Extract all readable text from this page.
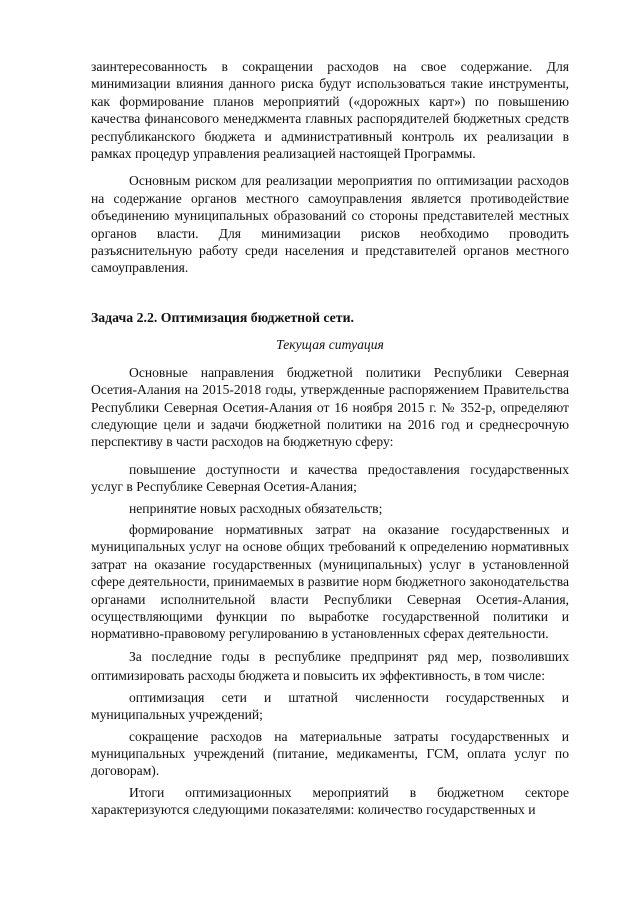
заинтересованность в сокращении расходов на свое содержание. Для минимизации влияния данного риска будут использоваться такие инструменты, как формирование планов мероприятий («дорожных карт») по повышению качества финансового менеджмента главных распорядителей бюджетных средств республиканского бюджета и административный контроль их реализации в рамках процедур управления реализацией настоящей Программы.

Основным риском для реализации мероприятия по оптимизации расходов на содержание органов местного самоуправления является противодействие объединению муниципальных образований со стороны представителей местных органов власти. Для минимизации рисков необходимо проводить разъяснительную работу среди населения и представителей органов местного самоуправления.

Задача 2.2. Оптимизация бюджетной сети.

Текущая ситуация

Основные направления бюджетной политики Республики Северная Осетия-Алания на 2015-2018 годы, утвержденные распоряжением Правительства Республики Северная Осетия-Алания от 16 ноября 2015 г. № 352-р, определяют следующие цели и задачи бюджетной политики на 2016 год и среднесрочную перспективу в части расходов на бюджетную сферу:

повышение доступности и качества предоставления государственных услуг в Республике Северная Осетия-Алания;

непринятие новых расходных обязательств;

формирование нормативных затрат на оказание государственных и муниципальных услуг на основе общих требований к определению нормативных затрат на оказание государственных (муниципальных) услуг в установленной сфере деятельности, принимаемых в развитие норм бюджетного законодательства органами исполнительной власти Республики Северная Осетия-Алания, осуществляющими функции по выработке государственной политики и нормативно-правовому регулированию в установленных сферах деятельности.

За последние годы в республике предпринят ряд мер, позволивших оптимизировать расходы бюджета и повысить их эффективность, в том числе:

оптимизация сети и штатной численности государственных и муниципальных учреждений;

сокращение расходов на материальные затраты государственных и муниципальных учреждений (питание, медикаменты, ГСМ, оплата услуг по договорам).

Итоги оптимизационных мероприятий в бюджетном секторе характеризуются следующими показателями: количество государственных и
